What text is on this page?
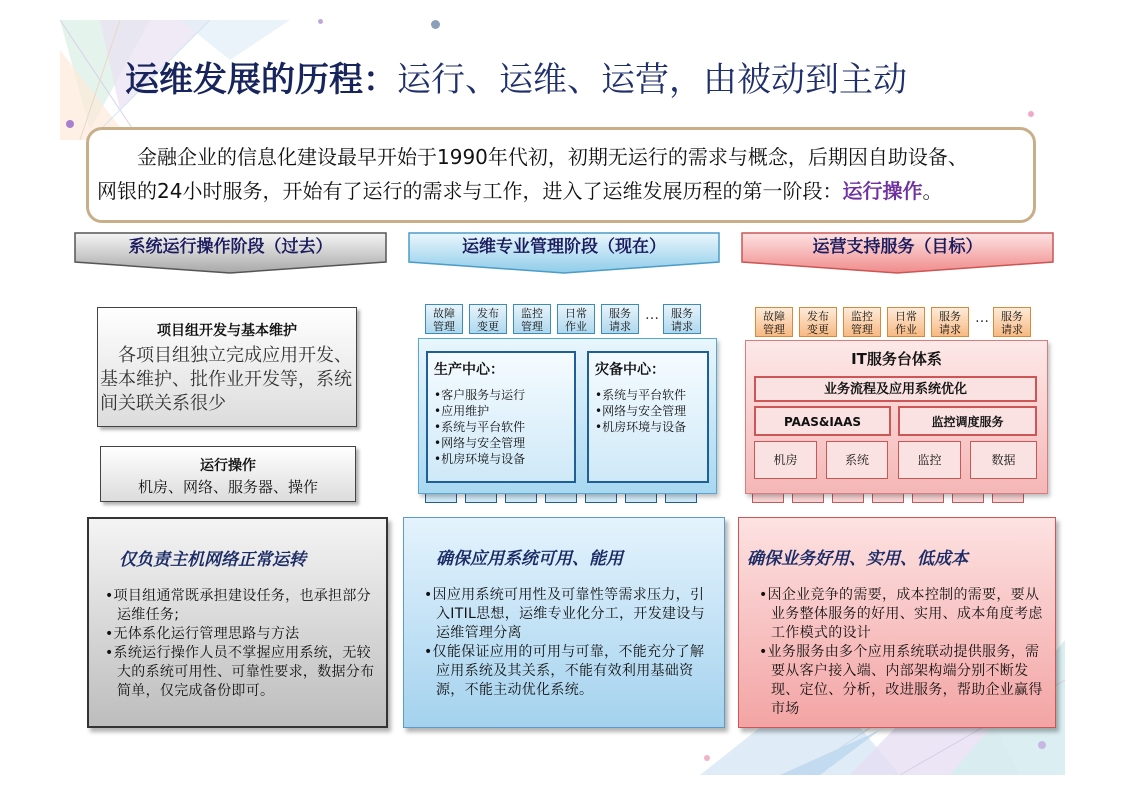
运维发展的历程：运行、运维、运营，由被动到主动
金融企业的信息化建设最早开始于1990年代初，初期无运行的需求与概念，后期因自助设备、
网银的24小时服务，开始有了运行的需求与工作，进入了运维发展历程的第一阶段：运行操作。
系统运行操作阶段（过去）	运维专业管理阶段（现在）	运营支持服务（目标）
项目组开发与基本维护
各项目组独立完成应用开发、基本维护、批作业开发等，系统间关联关系很少
运行操作
机房、网络、服务器、操作
故障
管理
发布
变更
监控
管理
日常
作业
服务
请求
…	服务
请求
生产中心：
•客户服务与运行
•应用维护
•系统与平台软件
•网络与安全管理
•机房环境与设备
灾备中心：
•系统与平台软件
•网络与安全管理
•机房环境与设备
故障
管理
发布
变更
监控
管理
日常
作业
服务
请求
…	服务
请求
IT服务台体系
业务流程及应用系统优化
PAAS&IAAS	监控调度服务
机房	系统	监控	数据
仅负责主机网络正常运转
•项目组通常既承担建设任务，也承担部分运维任务;
•无体系化运行管理思路与方法
•系统运行操作人员不掌握应用系统，无较大的系统可用性、可靠性要求，数据分布简单，仅完成备份即可。
确保应用系统可用、能用
•因应用系统可用性及可靠性等需求压力，引入ITIL思想，运维专业化分工，开发建设与运维管理分离
•仅能保证应用的可用与可靠，不能充分了解应用系统及其关系，不能有效利用基础资源，不能主动优化系统。
确保业务好用、实用、低成本
•因企业竞争的需要，成本控制的需要，要从业务整体服务的好用、实用、成本角度考虑工作模式的设计
•业务服务由多个应用系统联动提供服务，需要从客户接入端、内部架构端分别不断发现、定位、分析，改进服务，帮助企业赢得市场
